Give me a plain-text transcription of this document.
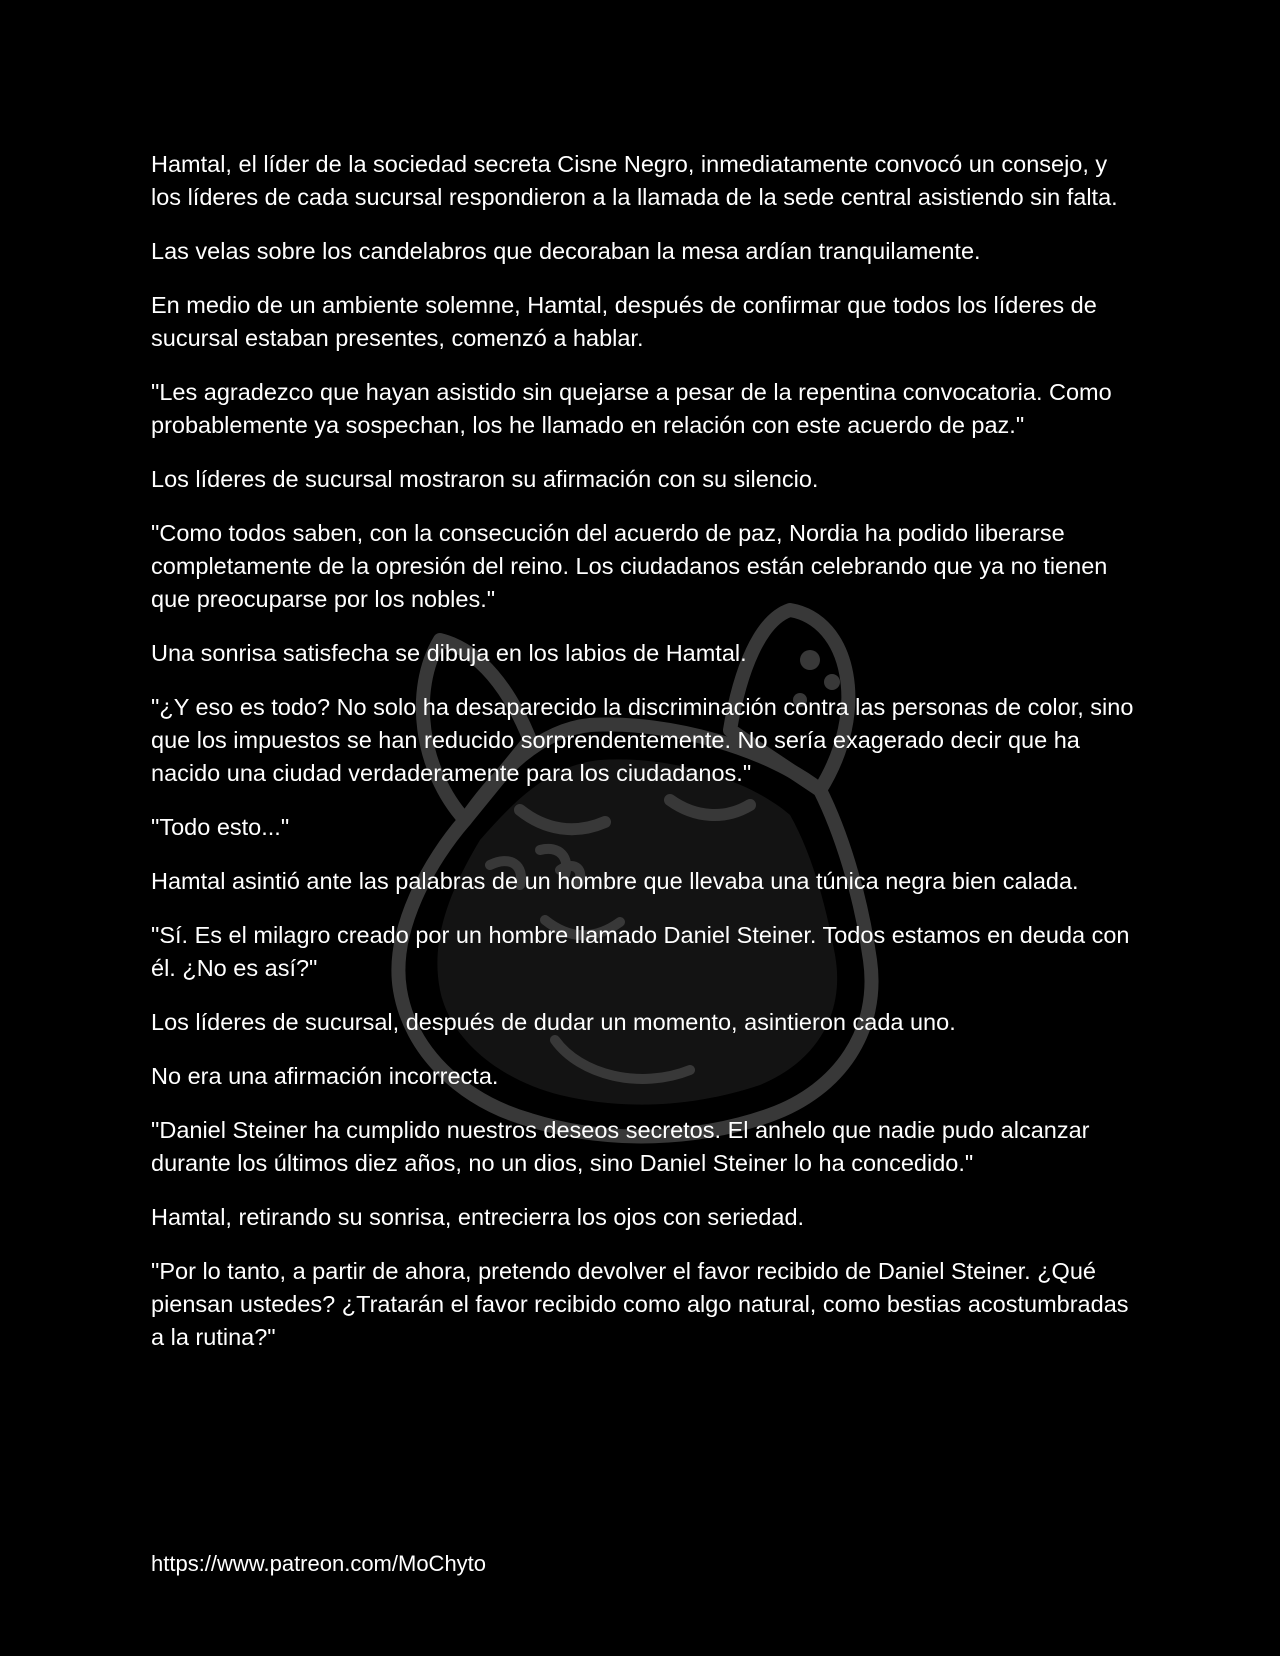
Hamtal, el líder de la sociedad secreta Cisne Negro, inmediatamente convocó un consejo, y los líderes de cada sucursal respondieron a la llamada de la sede central asistiendo sin falta.

Las velas sobre los candelabros que decoraban la mesa ardían tranquilamente.

En medio de un ambiente solemne, Hamtal, después de confirmar que todos los líderes de sucursal estaban presentes, comenzó a hablar.

"Les agradezco que hayan asistido sin quejarse a pesar de la repentina convocatoria. Como probablemente ya sospechan, los he llamado en relación con este acuerdo de paz."

Los líderes de sucursal mostraron su afirmación con su silencio.

"Como todos saben, con la consecución del acuerdo de paz, Nordia ha podido liberarse completamente de la opresión del reino. Los ciudadanos están celebrando que ya no tienen que preocuparse por los nobles."

Una sonrisa satisfecha se dibuja en los labios de Hamtal.

"¿Y eso es todo? No solo ha desaparecido la discriminación contra las personas de color, sino que los impuestos se han reducido sorprendentemente. No sería exagerado decir que ha nacido una ciudad verdaderamente para los ciudadanos."

"Todo esto..."

Hamtal asintió ante las palabras de un hombre que llevaba una túnica negra bien calada.

"Sí. Es el milagro creado por un hombre llamado Daniel Steiner. Todos estamos en deuda con él. ¿No es así?"

Los líderes de sucursal, después de dudar un momento, asintieron cada uno.

No era una afirmación incorrecta.

"Daniel Steiner ha cumplido nuestros deseos secretos. El anhelo que nadie pudo alcanzar durante los últimos diez años, no un dios, sino Daniel Steiner lo ha concedido."

Hamtal, retirando su sonrisa, entrecierra los ojos con seriedad.

"Por lo tanto, a partir de ahora, pretendo devolver el favor recibido de Daniel Steiner. ¿Qué piensan ustedes? ¿Tratarán el favor recibido como algo natural, como bestias acostumbradas a la rutina?"

https://www.patreon.com/MoChyto
